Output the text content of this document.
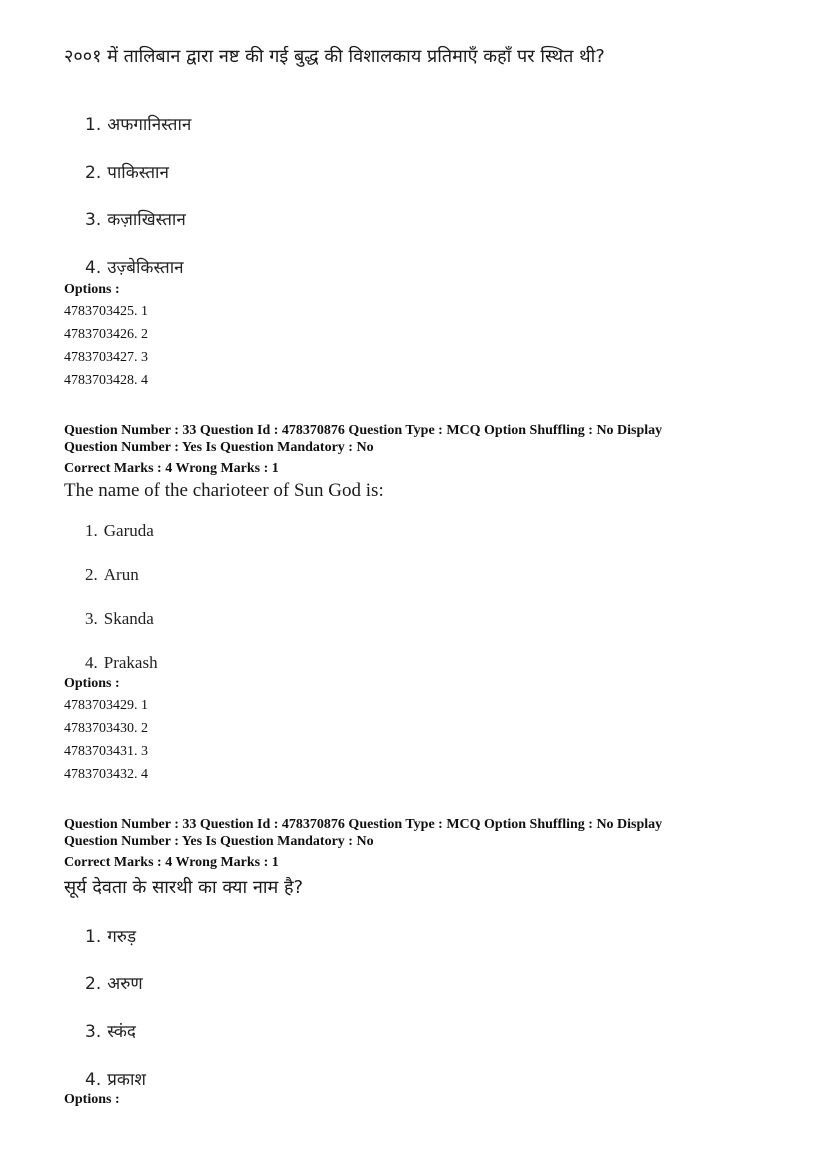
२००१ में तालिबान द्वारा नष्ट की गई बुद्ध की विशालकाय प्रतिमाएँ कहाँ पर स्थित थी?
1. अफगानिस्तान
2. पाकिस्तान
3. कज़ाखिस्तान
4. उज़्बेकिस्तान
Options :
4783703425. 1
4783703426. 2
4783703427. 3
4783703428. 4
Question Number : 33 Question Id : 478370876 Question Type : MCQ Option Shuffling : No Display
Question Number : Yes Is Question Mandatory : No
Correct Marks : 4 Wrong Marks : 1
The name of the charioteer of Sun God is:
1. Garuda
2. Arun
3. Skanda
4. Prakash
Options :
4783703429. 1
4783703430. 2
4783703431. 3
4783703432. 4
Question Number : 33 Question Id : 478370876 Question Type : MCQ Option Shuffling : No Display
Question Number : Yes Is Question Mandatory : No
Correct Marks : 4 Wrong Marks : 1
सूर्य देवता के सारथी का क्या नाम है?
1. गरुड़
2. अरुण
3. स्कंद
4. प्रकाश
Options :
